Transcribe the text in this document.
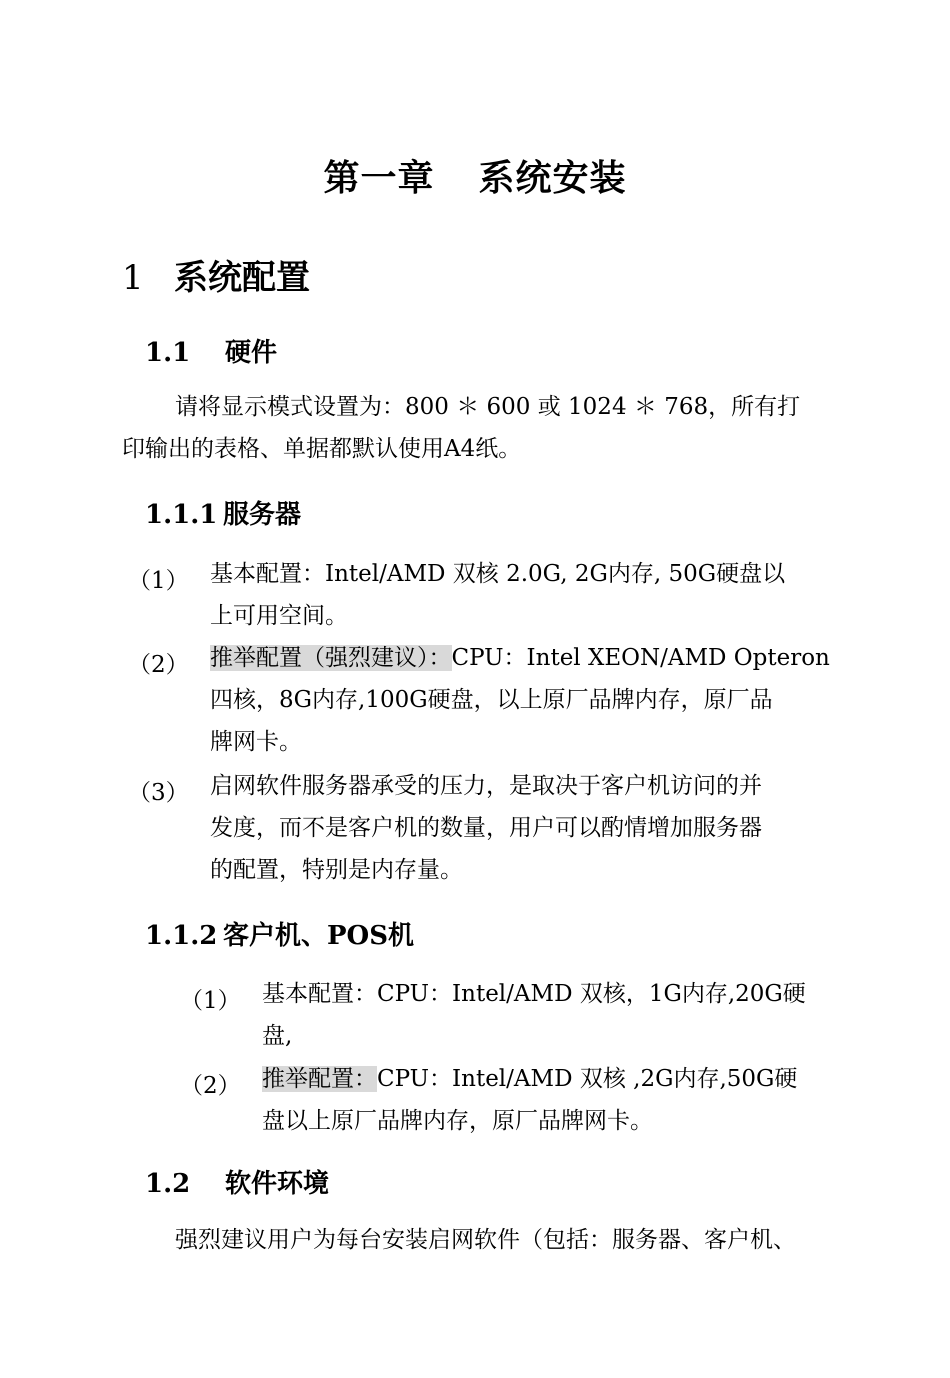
第一章 系统安装
1 系统配置
1.1 硬件
请将显示模式设置为：800 ＊ 600 或 1024 ＊ 768，所有打
印输出的表格、单据都默认使用A4纸。
1.1.1 服务器
（1） 基本配置：Intel/AMD 双核 2.0G, 2G内存, 50G硬盘以
上可用空间。
（2） 推举配置（强烈建议）：CPU：Intel XEON/AMD Opteron
四核，8G内存,100G硬盘，以上原厂品牌内存，原厂品
牌网卡。
（3） 启网软件服务器承受的压力，是取决于客户机访问的并
发度，而不是客户机的数量，用户可以酌情增加服务器
的配置，特别是内存量。
1.1.2 客户机、POS机
（1） 基本配置：CPU：Intel/AMD 双核，1G内存,20G硬
盘,
（2） 推举配置：CPU：Intel/AMD 双核 ,2G内存,50G硬
盘以上原厂品牌内存，原厂品牌网卡。
1.2 软件环境
强烈建议用户为每台安装启网软件（包括：服务器、客户机、
